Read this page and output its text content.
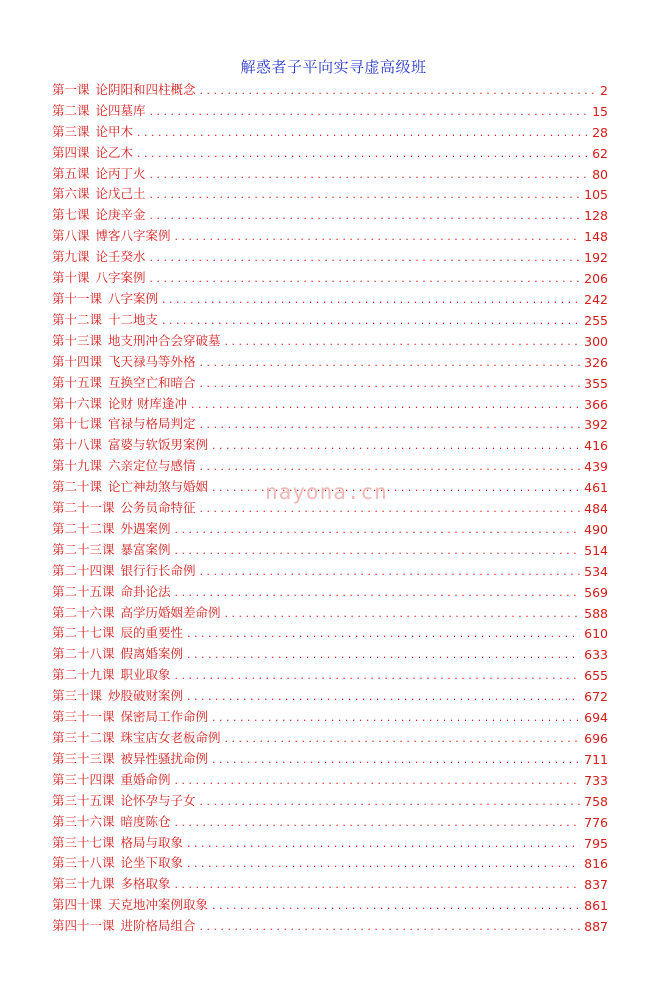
解惑者子平向实寻虚高级班
第一课 论阴阳和四柱概念 . . .	2
第二课 论四墓库 . . .	15
第三课 论甲木 . . .	28
第四课 论乙木 . . .	62
第五课 论丙丁火 . . .	80
第六课 论戊己土 . . .	105
第七课 论庚辛金 . . .	128
第八课 博客八字案例 . . .	148
第九课 论壬癸水 . . .	192
第十课 八字案例 . . .	206
第十一课 八字案例 . . .	242
第十二课 十二地支 . . .	255
第十三课 地支刑冲合会穿破墓 . . .	300
第十四课 飞天禄马等外格 . . .	326
第十五课 互换空亡和暗合 . . .	355
第十六课 论财 财库逢冲 . . .	366
第十七课 官禄与格局判定 . . .	392
第十八课 富婆与软饭男案例 . . .	416
第十九课 六亲定位与感情 . . .	439
第二十课 论亡神劫煞与婚姻 . . .	461
第二十一课 公务员命特征 . . .	484
第二十二课 外遇案例 . . .	490
第二十三课 暴富案例 . . .	514
第二十四课 银行行长命例 . . .	534
第二十五课 命卦论法 . . .	569
第二十六课 高学历婚姻差命例 . . .	588
第二十七课 辰的重要性 . . .	610
第二十八课 假离婚案例 . . .	633
第二十九课 职业取象 . . .	655
第三十课 炒股破财案例 . . .	672
第三十一课 保密局工作命例 . . .	694
第三十二课 珠宝店女老板命例 . . .	696
第三十三课 被异性骚扰命例 . . .	711
第三十四课 重婚命例 . . .	733
第三十五课 论怀孕与子女 . . .	758
第三十六课 暗度陈仓 . . .	776
第三十七课 格局与取象 . . .	795
第三十八课 论坐下取象 . . .	816
第三十九课 多格取象 . . .	837
第四十课 天克地冲案例取象 . . .	861
第四十一课 进阶格局组合 . . .	887
nayona.cn
